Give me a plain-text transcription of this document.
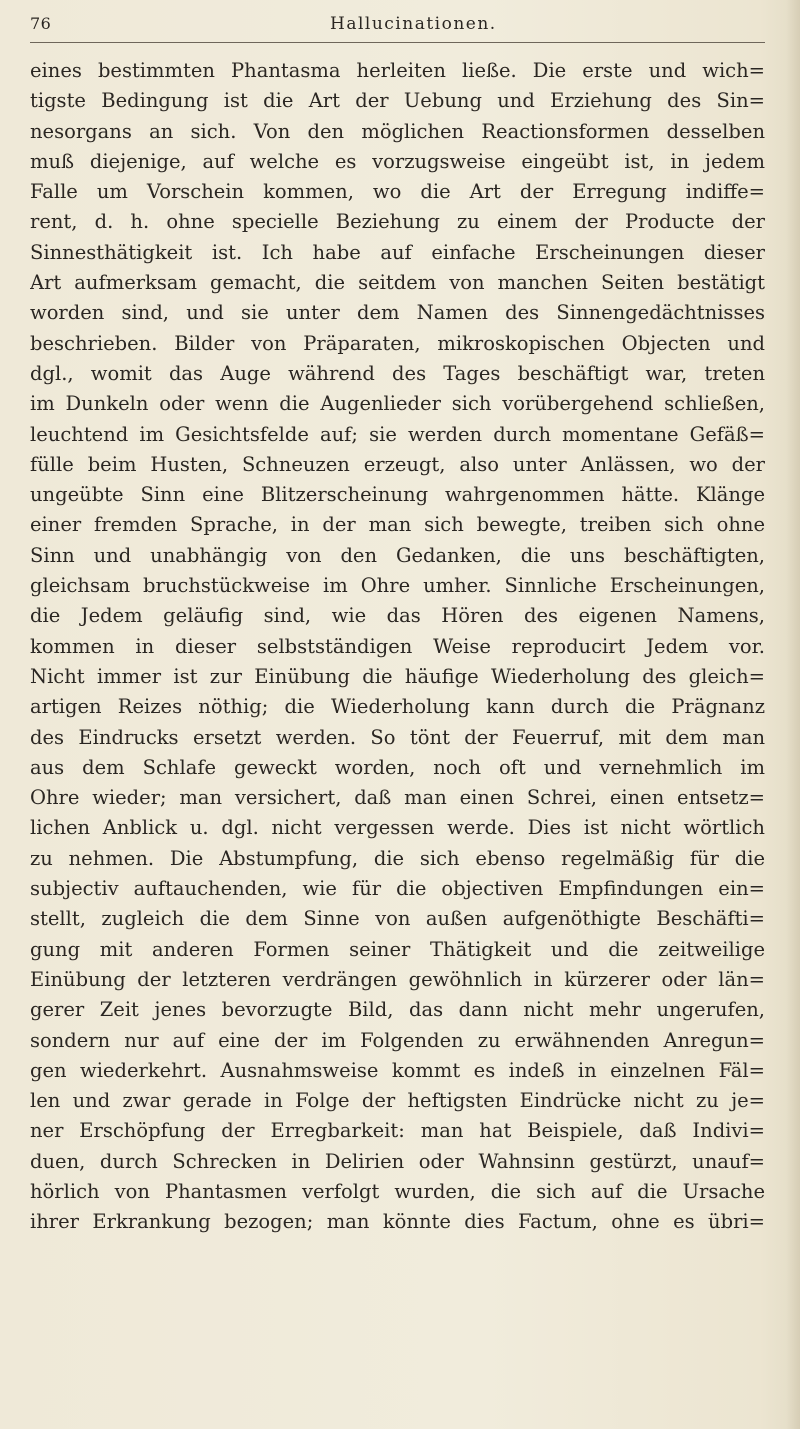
76	Hallucinationen.
eines bestimmten Phantasma herleiten ließe. Die erste und wich=
tigste Bedingung ist die Art der Uebung und Erziehung des Sin=
nesorgans an sich. Von den möglichen Reactionsformen desselben
muß diejenige, auf welche es vorzugsweise eingeübt ist, in jedem
Falle um Vorschein kommen, wo die Art der Erregung indiffe=
rent, d. h. ohne specielle Beziehung zu einem der Producte der
Sinnesthätigkeit ist. Ich habe auf einfache Erscheinungen dieser
Art aufmerksam gemacht, die seitdem von manchen Seiten bestätigt
worden sind, und sie unter dem Namen des Sinnengedächtnisses
beschrieben. Bilder von Präparaten, mikroskopischen Objecten und
dgl., womit das Auge während des Tages beschäftigt war, treten
im Dunkeln oder wenn die Augenlieder sich vorübergehend schließen,
leuchtend im Gesichtsfelde auf; sie werden durch momentane Gefäß=
fülle beim Husten, Schneuzen erzeugt, also unter Anlässen, wo der
ungeübte Sinn eine Blitzerscheinung wahrgenommen hätte. Klänge
einer fremden Sprache, in der man sich bewegte, treiben sich ohne
Sinn und unabhängig von den Gedanken, die uns beschäftigten,
gleichsam bruchstückweise im Ohre umher. Sinnliche Erscheinungen,
die Jedem geläufig sind, wie das Hören des eigenen Namens,
kommen in dieser selbstständigen Weise reproducirt Jedem vor.
Nicht immer ist zur Einübung die häufige Wiederholung des gleich=
artigen Reizes nöthig; die Wiederholung kann durch die Prägnanz
des Eindrucks ersetzt werden. So tönt der Feuerruf, mit dem man
aus dem Schlafe geweckt worden, noch oft und vernehmlich im
Ohre wieder; man versichert, daß man einen Schrei, einen entsetz=
lichen Anblick u. dgl. nicht vergessen werde. Dies ist nicht wörtlich
zu nehmen. Die Abstumpfung, die sich ebenso regelmäßig für die
subjectiv auftauchenden, wie für die objectiven Empfindungen ein=
stellt, zugleich die dem Sinne von außen aufgenöthigte Beschäfti=
gung mit anderen Formen seiner Thätigkeit und die zeitweilige
Einübung der letzteren verdrängen gewöhnlich in kürzerer oder län=
gerer Zeit jenes bevorzugte Bild, das dann nicht mehr ungerufen,
sondern nur auf eine der im Folgenden zu erwähnenden Anregun=
gen wiederkehrt. Ausnahmsweise kommt es indeß in einzelnen Fäl=
len und zwar gerade in Folge der heftigsten Eindrücke nicht zu je=
ner Erschöpfung der Erregbarkeit: man hat Beispiele, daß Indivi=
duen, durch Schrecken in Delirien oder Wahnsinn gestürzt, unauf=
hörlich von Phantasmen verfolgt wurden, die sich auf die Ursache
ihrer Erkrankung bezogen; man könnte dies Factum, ohne es übri=
